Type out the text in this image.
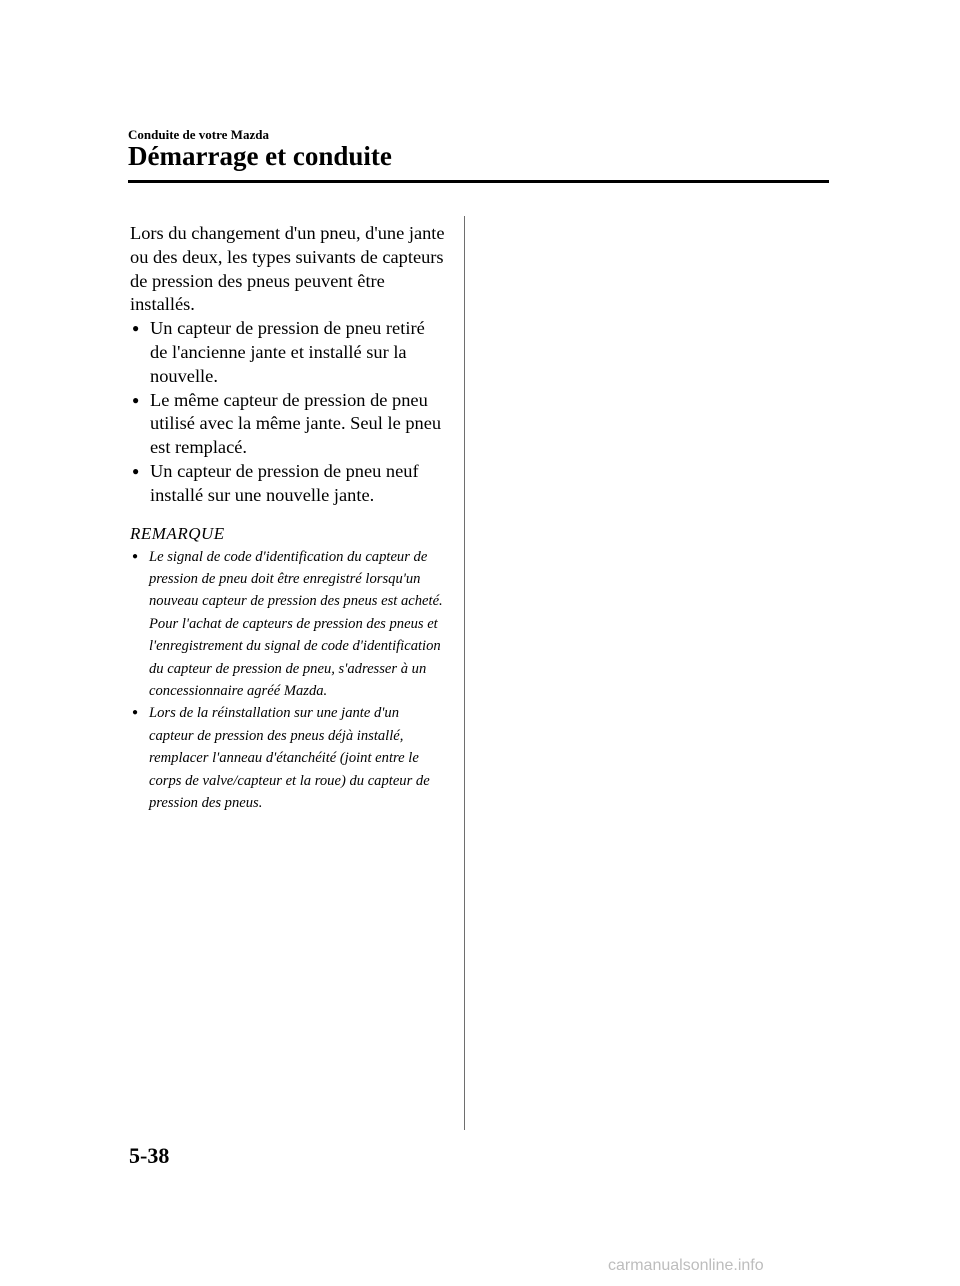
Conduite de votre Mazda
Démarrage et conduite

Lors du changement d'un pneu, d'une jante ou des deux, les types suivants de capteurs de pression des pneus peuvent être installés.

● Un capteur de pression de pneu retiré de l'ancienne jante et installé sur la nouvelle.
● Le même capteur de pression de pneu utilisé avec la même jante. Seul le pneu est remplacé.
● Un capteur de pression de pneu neuf installé sur une nouvelle jante.
REMARQUE
● Le signal de code d'identification du capteur de pression de pneu doit être enregistré lorsqu'un nouveau capteur de pression des pneus est acheté. Pour l'achat de capteurs de pression des pneus et l'enregistrement du signal de code d'identification du capteur de pression de pneu, s'adresser à un concessionnaire agréé Mazda.
● Lors de la réinstallation sur une jante d'un capteur de pression des pneus déjà installé, remplacer l'anneau d'étanchéité (joint entre le corps de valve/capteur et la roue) du capteur de pression des pneus.
5-38
carmanualsonline.info
